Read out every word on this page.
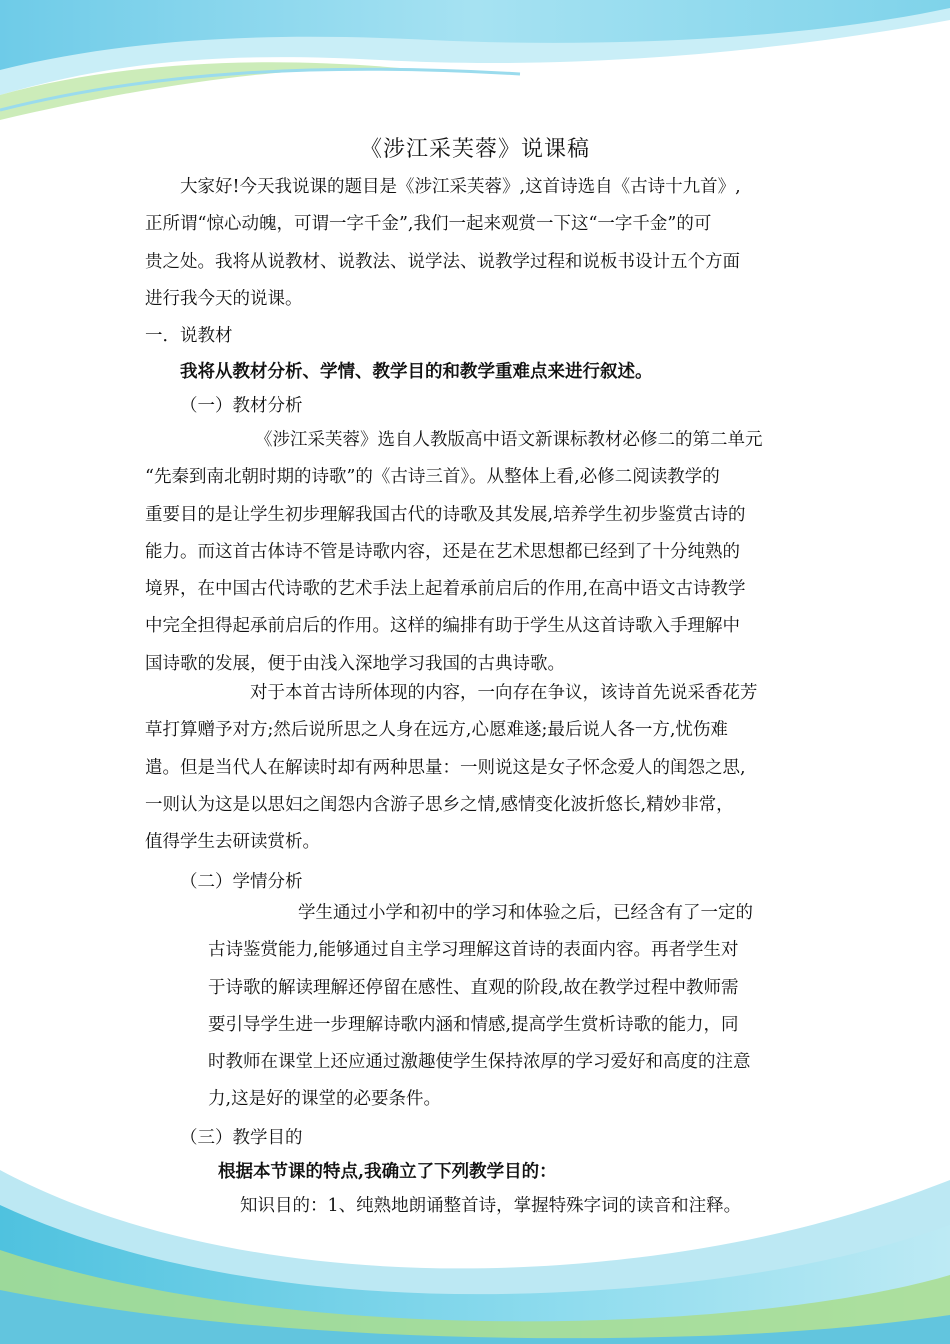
《涉江采芙蓉》说课稿
大家好!今天我说课的题目是《涉江采芙蓉》,这首诗选自《古诗十九首》,
正所谓“惊心动魄，可谓一字千金”,我们一起来观赏一下这“一字千金”的可
贵之处。我将从说教材、说教法、说学法、说教学过程和说板书设计五个方面
进行我今天的说课。
一．说教材
我将从教材分析、学情、教学目的和教学重难点来进行叙述。
（一）教材分析
《涉江采芙蓉》选自人教版高中语文新课标教材必修二的第二单元
“先秦到南北朝时期的诗歌”的《古诗三首》。从整体上看,必修二阅读教学的
重要目的是让学生初步理解我国古代的诗歌及其发展,培养学生初步鉴赏古诗的
能力。而这首古体诗不管是诗歌内容，还是在艺术思想都已经到了十分纯熟的
境界，在中国古代诗歌的艺术手法上起着承前启后的作用,在高中语文古诗教学
中完全担得起承前启后的作用。这样的编排有助于学生从这首诗歌入手理解中
国诗歌的发展，便于由浅入深地学习我国的古典诗歌。
对于本首古诗所体现的内容，一向存在争议，该诗首先说采香花芳
草打算赠予对方;然后说所思之人身在远方,心愿难遂;最后说人各一方,忧伤难
遣。但是当代人在解读时却有两种思量：一则说这是女子怀念爱人的闺怨之思,
一则认为这是以思妇之闺怨内含游子思乡之情,感情变化波折悠长,精妙非常，
值得学生去研读赏析。
（二）学情分析
学生通过小学和初中的学习和体验之后，已经含有了一定的
古诗鉴赏能力,能够通过自主学习理解这首诗的表面内容。再者学生对
于诗歌的解读理解还停留在感性、直观的阶段,故在教学过程中教师需
要引导学生进一步理解诗歌内涵和情感,提高学生赏析诗歌的能力，同
时教师在课堂上还应通过激趣使学生保持浓厚的学习爱好和高度的注意
力,这是好的课堂的必要条件。
（三）教学目的
根据本节课的特点,我确立了下列教学目的：
知识目的：1、纯熟地朗诵整首诗，掌握特殊字词的读音和注释。
